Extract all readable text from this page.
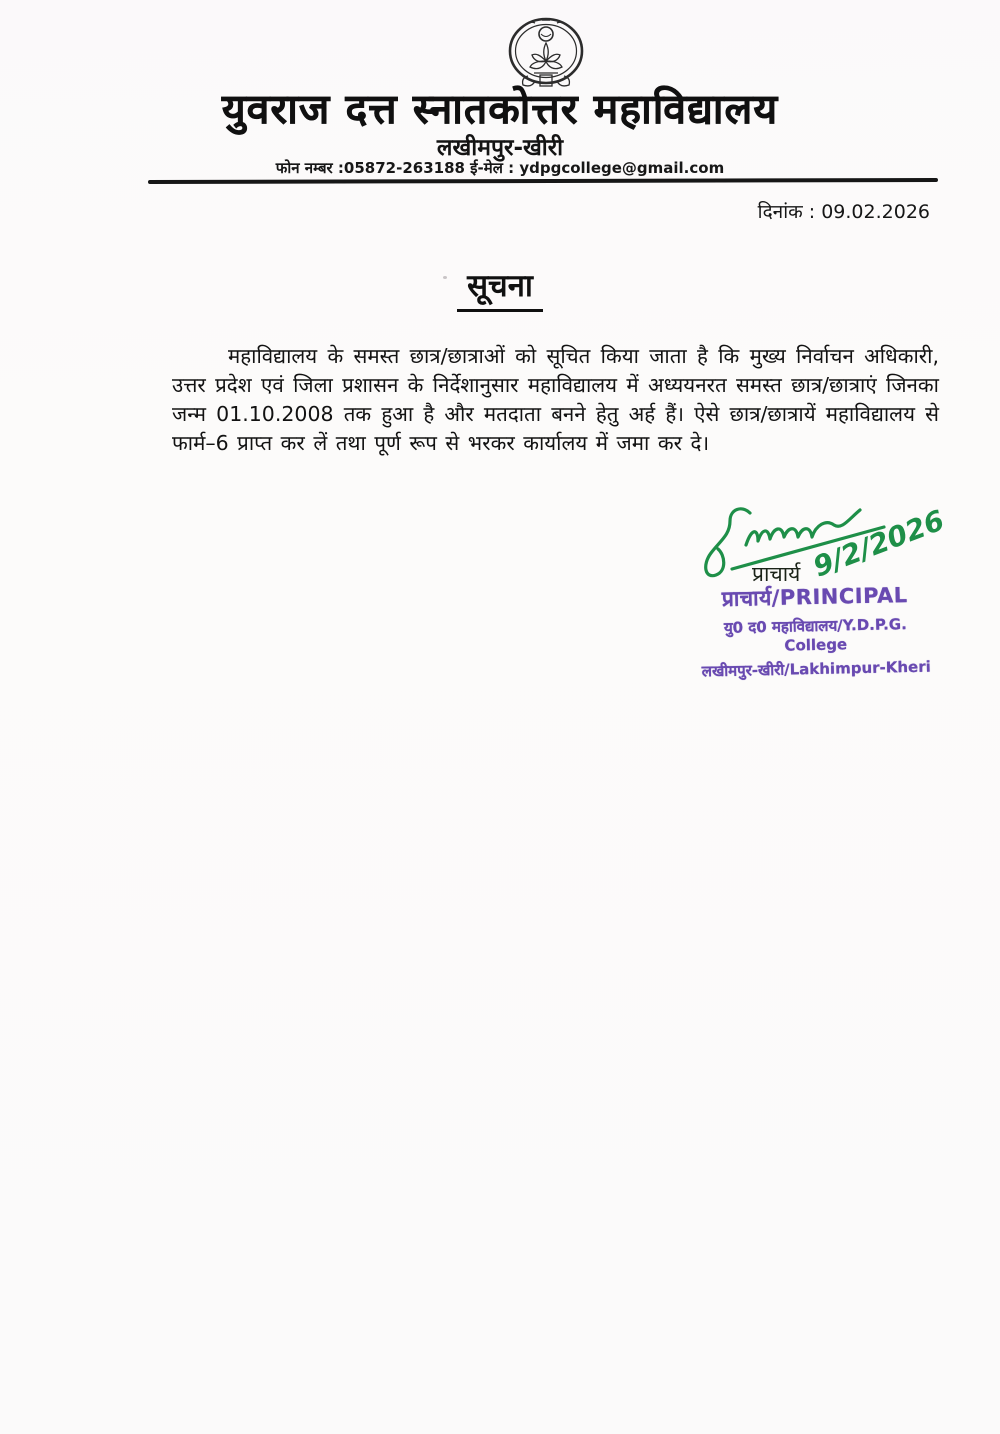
युवराज दत्त स्नातकोत्तर महाविद्यालय
लखीमपुर-खीरी
फोन नम्बर :05872-263188 ई-मेल : ydpgcollege@gmail.com
दिनांक : 09.02.2026
सूचना

महाविद्यालय के समस्त छात्र/छात्राओं को सूचित किया जाता है कि मुख्य निर्वाचन अधिकारी, उत्तर प्रदेश एवं जिला प्रशासन के निर्देशानुसार महाविद्यालय में अध्ययनरत समस्त छात्र/छात्राएं जिनका जन्म 01.10.2008 तक हुआ है और मतदाता बनने हेतु अर्ह हैं। ऐसे छात्र/छात्रायें महाविद्यालय से फार्म–6 प्राप्त कर लें तथा पूर्ण रूप से भरकर कार्यालय में जमा कर दे।

9/2/2026
प्राचार्य
प्राचार्य/PRINCIPAL
यु0 द0 महाविद्यालय/Y.D.P.G. College
लखीमपुर-खीरी/Lakhimpur-Kheri
